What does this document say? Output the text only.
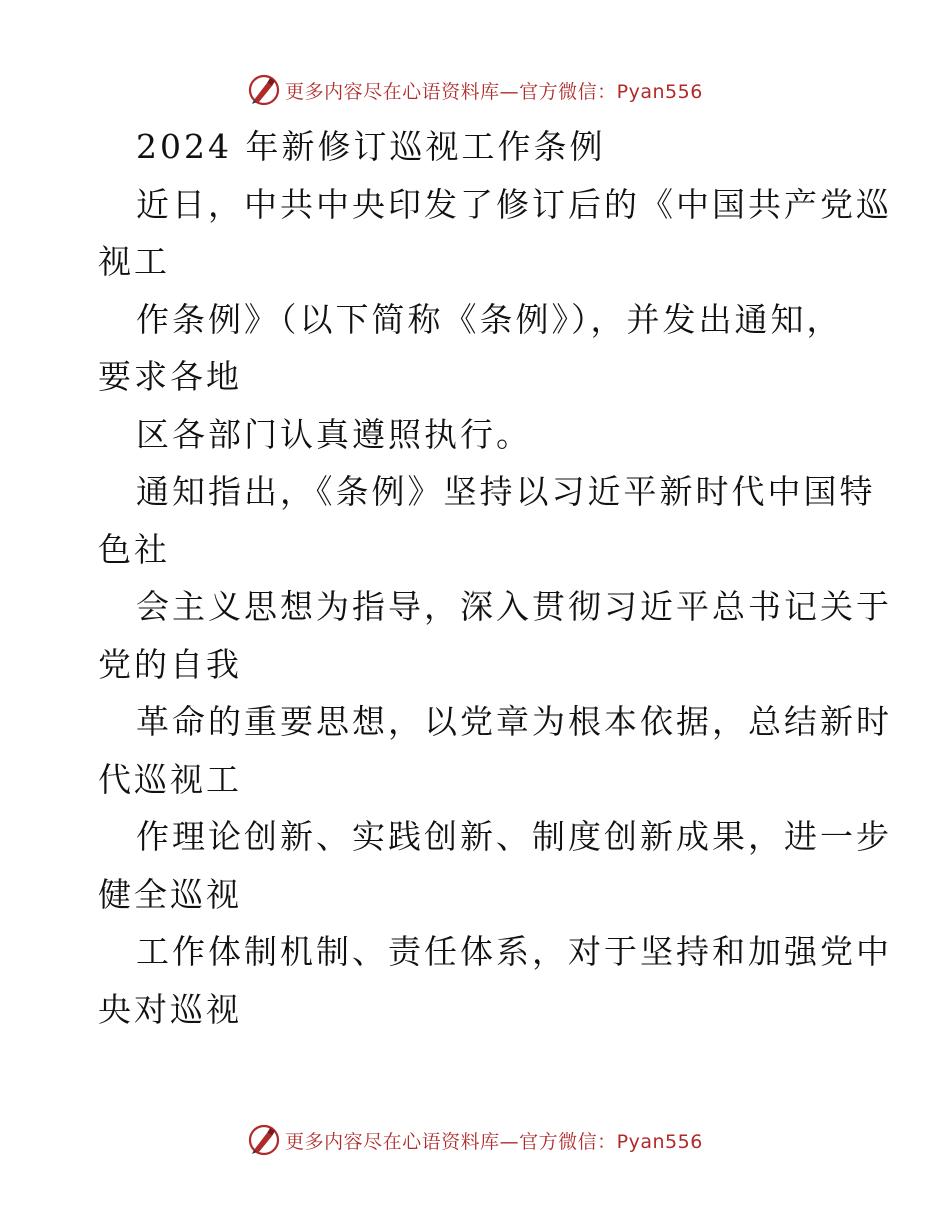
更多内容尽在心语资料库—官方微信：Pyan556
2024 年新修订巡视工作条例
近日，中共中央印发了修订后的《中国共产党巡
视工
作条例》（以下简称《条例》），并发出通知，
要求各地
区各部门认真遵照执行。
通知指出，《条例》坚持以习近平新时代中国特
色社
会主义思想为指导，深入贯彻习近平总书记关于
党的自我
革命的重要思想，以党章为根本依据，总结新时
代巡视工
作理论创新、实践创新、制度创新成果，进一步
健全巡视
工作体制机制、责任体系，对于坚持和加强党中
央对巡视
更多内容尽在心语资料库—官方微信：Pyan556
